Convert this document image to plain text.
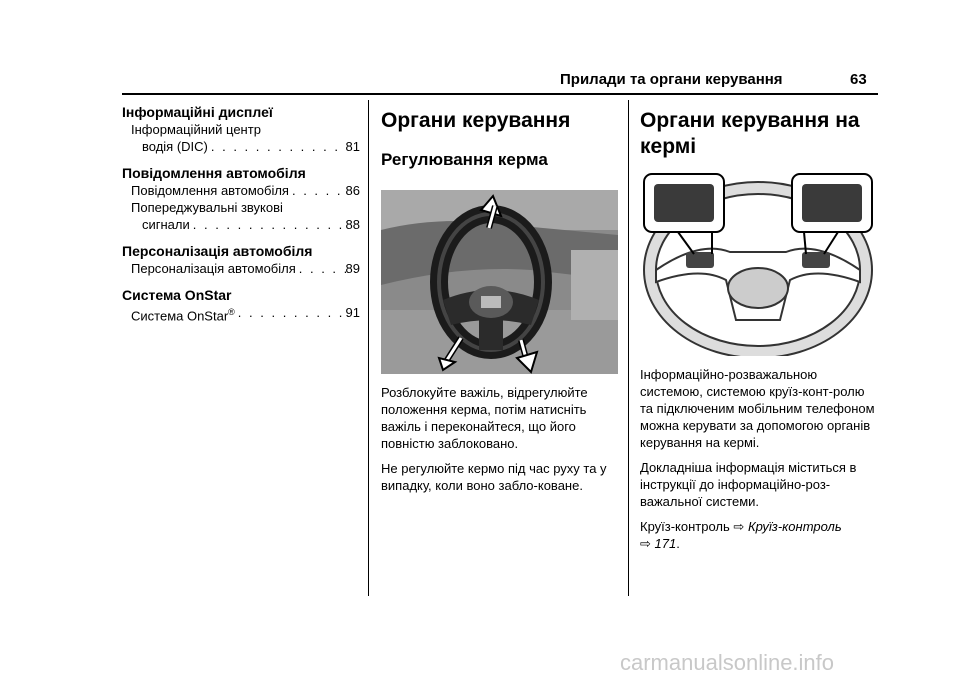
Прилади та органи керування	63
Інформаційні дисплеї
Інформаційний центр
водія (DIC) . . .	81
Повідомлення автомобіля
Повідомлення автомобіля . . .	86
Попереджувальні звукові
сигнали . . .	88
Персоналізація автомобіля
Персоналізація автомобіля . . .	89
Система OnStar
Система OnStar® . . .	91
Органи керування
Регулювання керма

Розблокуйте важіль, відрегулюйте положення керма, потім натисніть важіль і переконайтеся, що його повністю заблоковано.

Не регулюйте кермо під час руху та у випадку, коли воно забло-коване.

Органи керування на кермі

Інформаційно-розважальною системою, системою круїз-конт-ролю та підключеним мобільним телефоном можна керувати за допомогою органів керування на кермі.

Докладніша інформація міститься в інструкції до інформаційно-роз-важальної системи.

Круїз-контроль ⇨ Круїз-контроль
⇨ 171.

carmanualsonline.info
